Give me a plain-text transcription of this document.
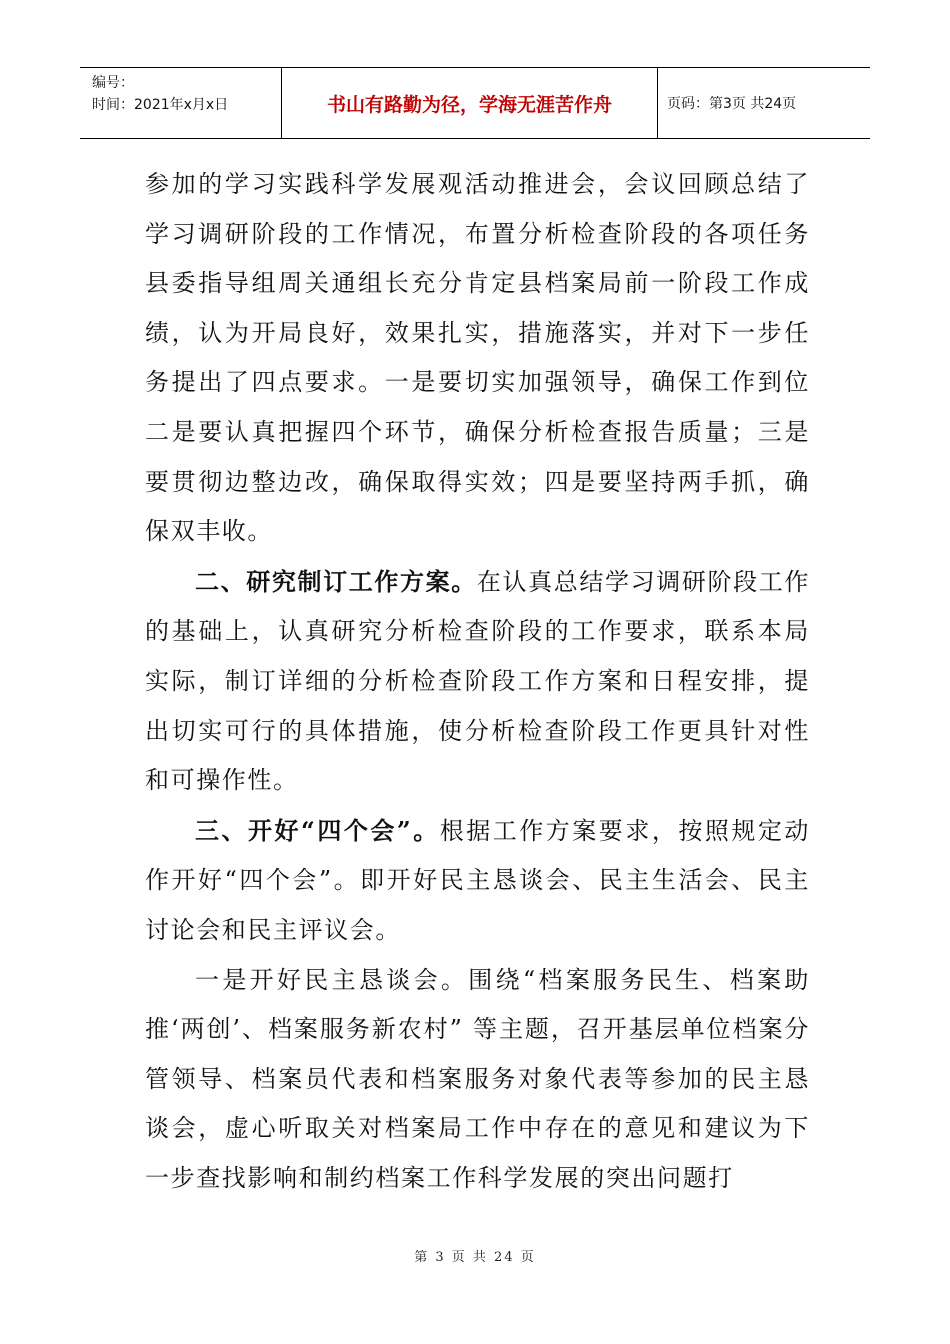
编号：
时间：2021年x月x日	书山有路勤为径，学海无涯苦作舟	页码：第3页 共24页

参加的学习实践科学发展观活动推进会，会议回顾总结了学习调研阶段的工作情况，布置分析检查阶段的各项任务县委指导组周关通组长充分肯定县档案局前一阶段工作成绩，认为开局良好，效果扎实，措施落实，并对下一步任务提出了四点要求。一是要切实加强领导，确保工作到位二是要认真把握四个环节，确保分析检查报告质量；三是要贯彻边整边改，确保取得实效；四是要坚持两手抓，确保双丰收。

二、研究制订工作方案。在认真总结学习调研阶段工作的基础上，认真研究分析检查阶段的工作要求，联系本局实际，制订详细的分析检查阶段工作方案和日程安排，提出切实可行的具体措施，使分析检查阶段工作更具针对性和可操作性。

三、开好“四个会”。根据工作方案要求，按照规定动作开好“四个会”。即开好民主恳谈会、民主生活会、民主讨论会和民主评议会。

一是开好民主恳谈会。围绕“档案服务民生、档案助推‘两创’、档案服务新农村” 等主题，召开基层单位档案分管领导、档案员代表和档案服务对象代表等参加的民主恳谈会，虚心听取关对档案局工作中存在的意见和建议为下一步查找影响和制约档案工作科学发展的突出问题打

第 3 页 共 24 页
